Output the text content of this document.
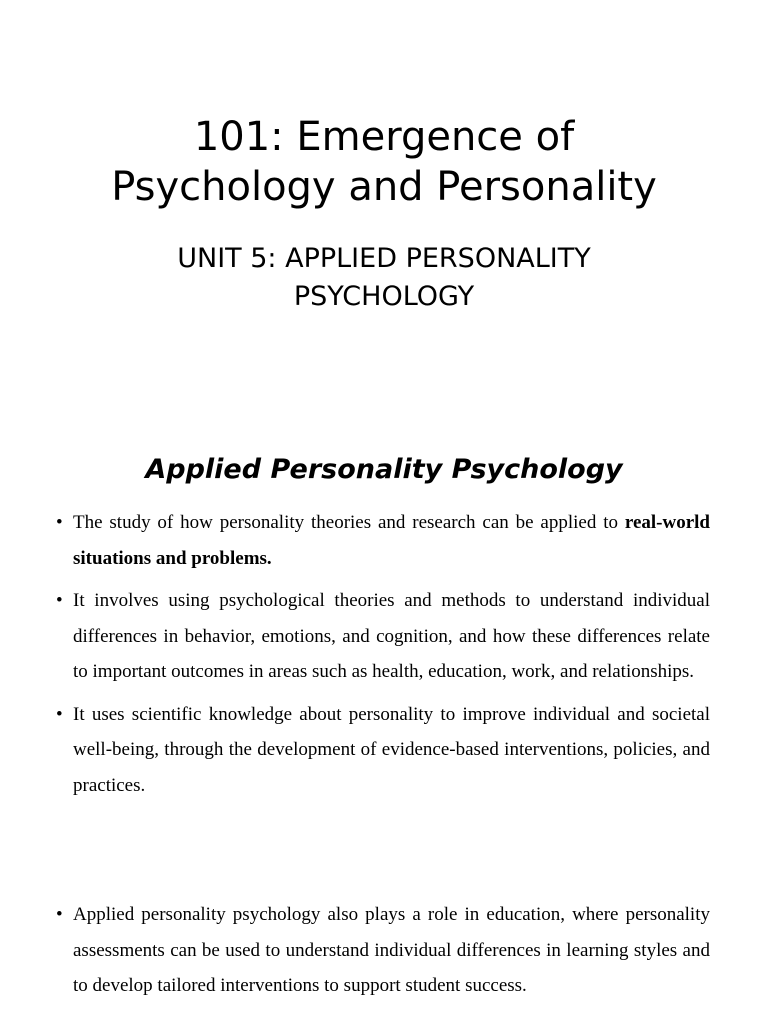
101: Emergence of
Psychology and Personality
UNIT 5: APPLIED PERSONALITY
PSYCHOLOGY
Applied Personality Psychology
• The study of how personality theories and research can be applied to real-world situations and problems.
• It involves using psychological theories and methods to understand individual differences in behavior, emotions, and cognition, and how these differences relate to important outcomes in areas such as health, education, work, and relationships.
• It uses scientific knowledge about personality to improve individual and societal well-being, through the development of evidence-based interventions, policies, and practices.
• Applied personality psychology also plays a role in education, where personality assessments can be used to understand individual differences in learning styles and to develop tailored interventions to support student success.
